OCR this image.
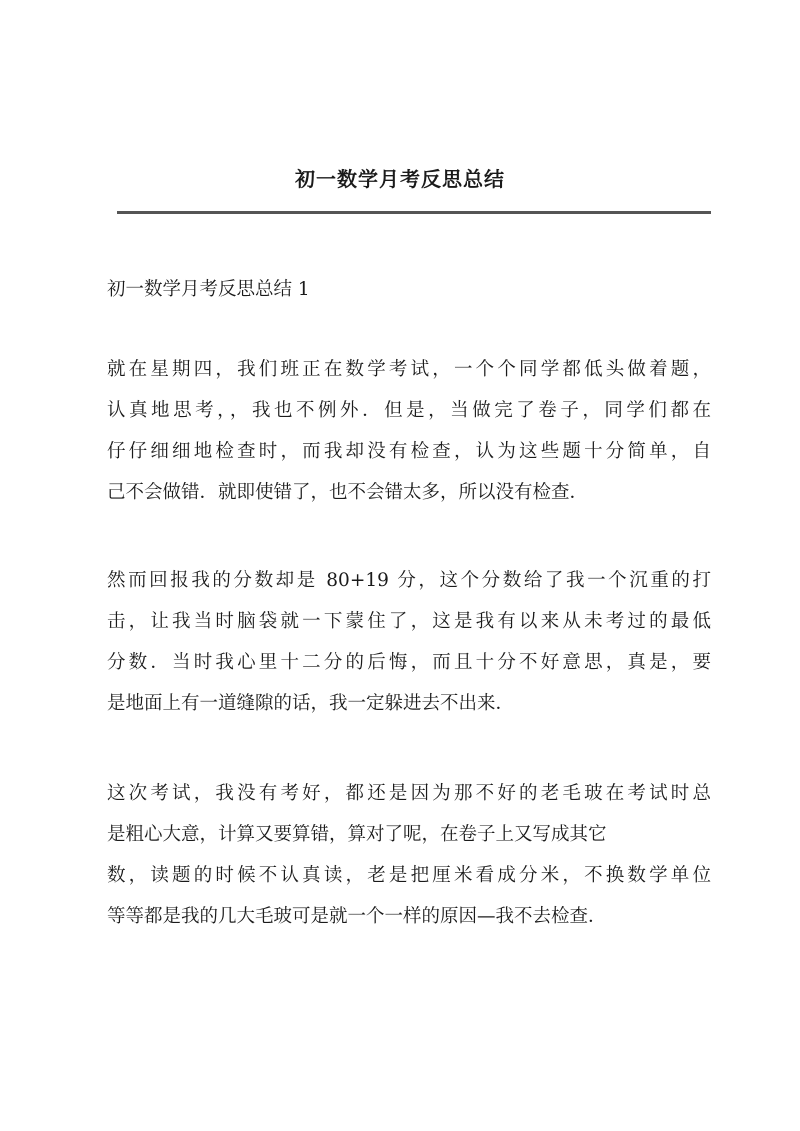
初一数学月考反思总结
初一数学月考反思总结 1
就在星期四，我们班正在数学考试，一个个同学都低头做着题，
认真地思考，，我也不例外．但是，当做完了卷子，同学们都在
仔仔细细地检查时，而我却没有检查，认为这些题十分简单，自
己不会做错．就即使错了，也不会错太多，所以没有检查．
然而回报我的分数却是 80+19 分，这个分数给了我一个沉重的打
击，让我当时脑袋就一下蒙住了，这是我有以来从未考过的最低
分数．当时我心里十二分的后悔，而且十分不好意思，真是，要
是地面上有一道缝隙的话，我一定躲进去不出来．
这次考试，我没有考好，都还是因为那不好的老毛玻在考试时总
是粗心大意，计算又要算错，算对了呢，在卷子上又写成其它
数，读题的时候不认真读，老是把厘米看成分米，不换数学单位
等等都是我的几大毛玻可是就一个一样的原因—我不去检查．
